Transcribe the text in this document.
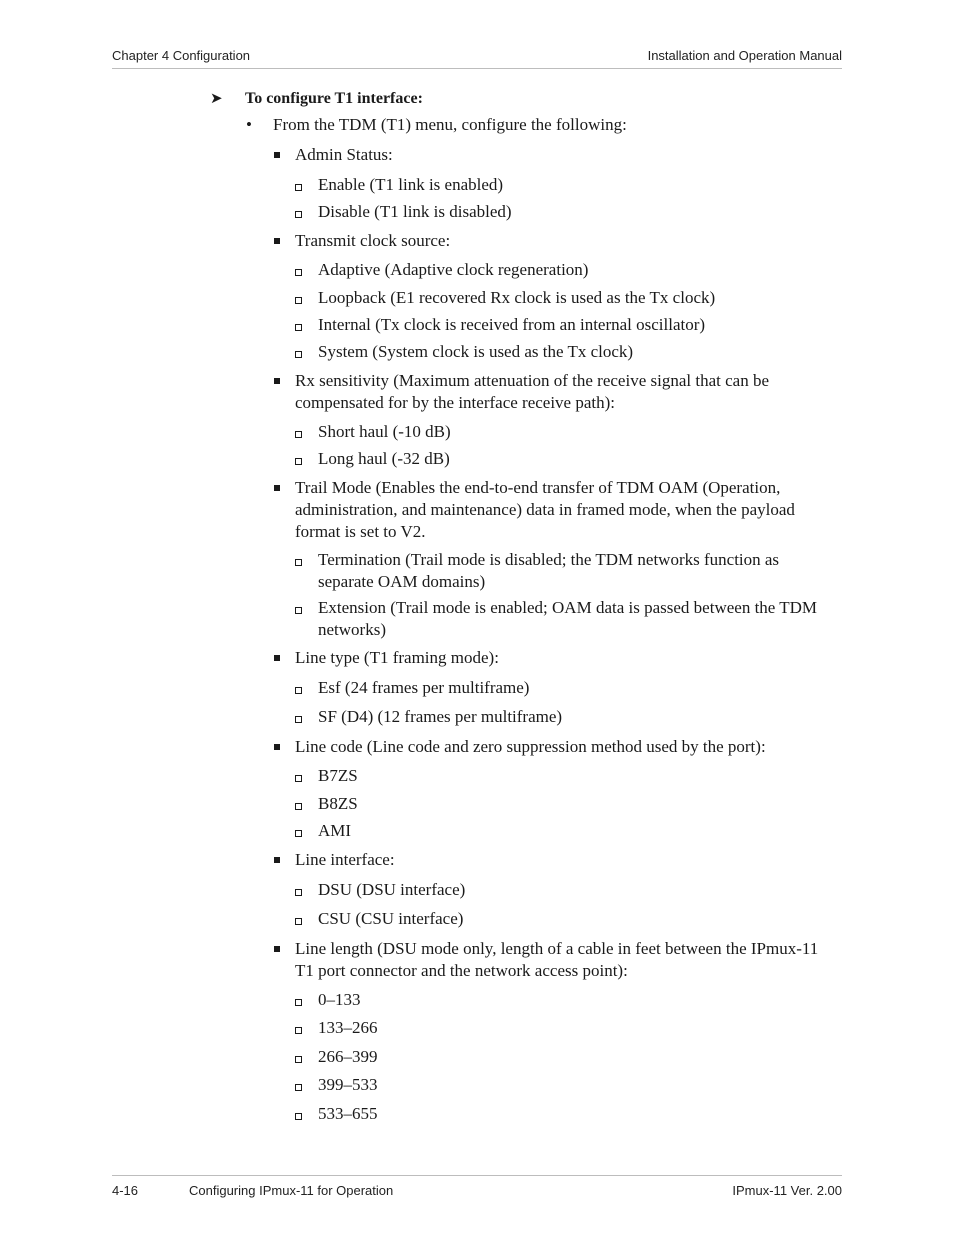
Chapter 4 Configuration	Installation and Operation Manual
➤ To configure T1 interface:
• From the TDM (T1) menu, configure the following:
Admin Status:
Enable (T1 link is enabled)
Disable (T1 link is disabled)
Transmit clock source:
Adaptive (Adaptive clock regeneration)
Loopback (E1 recovered Rx clock is used as the Tx clock)
Internal (Tx clock is received from an internal oscillator)
System (System clock is used as the Tx clock)
Rx sensitivity (Maximum attenuation of the receive signal that can be compensated for by the interface receive path):
Short haul (-10 dB)
Long haul (-32 dB)
Trail Mode (Enables the end-to-end transfer of TDM OAM (Operation, administration, and maintenance) data in framed mode, when the payload format is set to V2.
Termination (Trail mode is disabled; the TDM networks function as separate OAM domains)
Extension (Trail mode is enabled; OAM data is passed between the TDM networks)
Line type (T1 framing mode):
Esf (24 frames per multiframe)
SF (D4) (12 frames per multiframe)
Line code (Line code and zero suppression method used by the port):
B7ZS
B8ZS
AMI
Line interface:
DSU (DSU interface)
CSU (CSU interface)
Line length (DSU mode only, length of a cable in feet between the IPmux-11 T1 port connector and the network access point):
0–133
133–266
266–399
399–533
533–655
4-16	Configuring IPmux-11 for Operation	IPmux-11 Ver. 2.00
